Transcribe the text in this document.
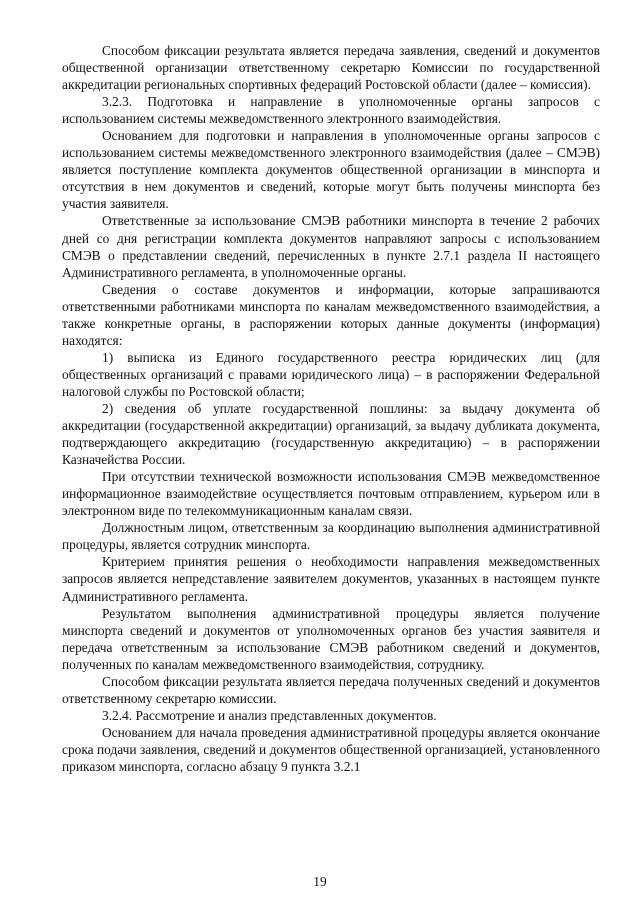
Способом фиксации результата является передача заявления, сведений и документов общественной организации ответственному секретарю Комиссии по государственной аккредитации региональных спортивных федераций Ростовской области (далее – комиссия).

3.2.3. Подготовка и направление в уполномоченные органы запросов с использованием системы межведомственного электронного взаимодействия.

Основанием для подготовки и направления в уполномоченные органы запросов с использованием системы межведомственного электронного взаимодействия (далее – СМЭВ) является поступление комплекта документов общественной организации в минспорта и отсутствия в нем документов и сведений, которые могут быть получены минспорта без участия заявителя.

Ответственные за использование СМЭВ работники минспорта в течение 2 рабочих дней со дня регистрации комплекта документов направляют запросы с использованием СМЭВ о представлении сведений, перечисленных в пункте 2.7.1 раздела II настоящего Административного регламента, в уполномоченные органы.

Сведения о составе документов и информации, которые запрашиваются ответственными работниками минспорта по каналам межведомственного взаимодействия, а также конкретные органы, в распоряжении которых данные документы (информация) находятся:

1) выписка из Единого государственного реестра юридических лиц (для общественных организаций с правами юридического лица) – в распоряжении Федеральной налоговой службы по Ростовской области;

2) сведения об уплате государственной пошлины: за выдачу документа об аккредитации (государственной аккредитации) организаций, за выдачу дубликата документа, подтверждающего аккредитацию (государственную аккредитацию) – в распоряжении Казначейства России.

При отсутствии технической возможности использования СМЭВ межведомственное информационное взаимодействие осуществляется почтовым отправлением, курьером или в электронном виде по телекоммуникационным каналам связи.

Должностным лицом, ответственным за координацию выполнения административной процедуры, является сотрудник минспорта.

Критерием принятия решения о необходимости направления межведомственных запросов является непредставление заявителем документов, указанных в настоящем пункте Административного регламента.

Результатом выполнения административной процедуры является получение минспорта сведений и документов от уполномоченных органов без участия заявителя и передача ответственным за использование СМЭВ работником сведений и документов, полученных по каналам межведомственного взаимодействия, сотруднику.

Способом фиксации результата является передача полученных сведений и документов ответственному секретарю комиссии.

3.2.4. Рассмотрение и анализ представленных документов.

Основанием для начала проведения административной процедуры является окончание срока подачи заявления, сведений и документов общественной организацией, установленного приказом минспорта, согласно абзацу 9 пункта 3.2.1

19
